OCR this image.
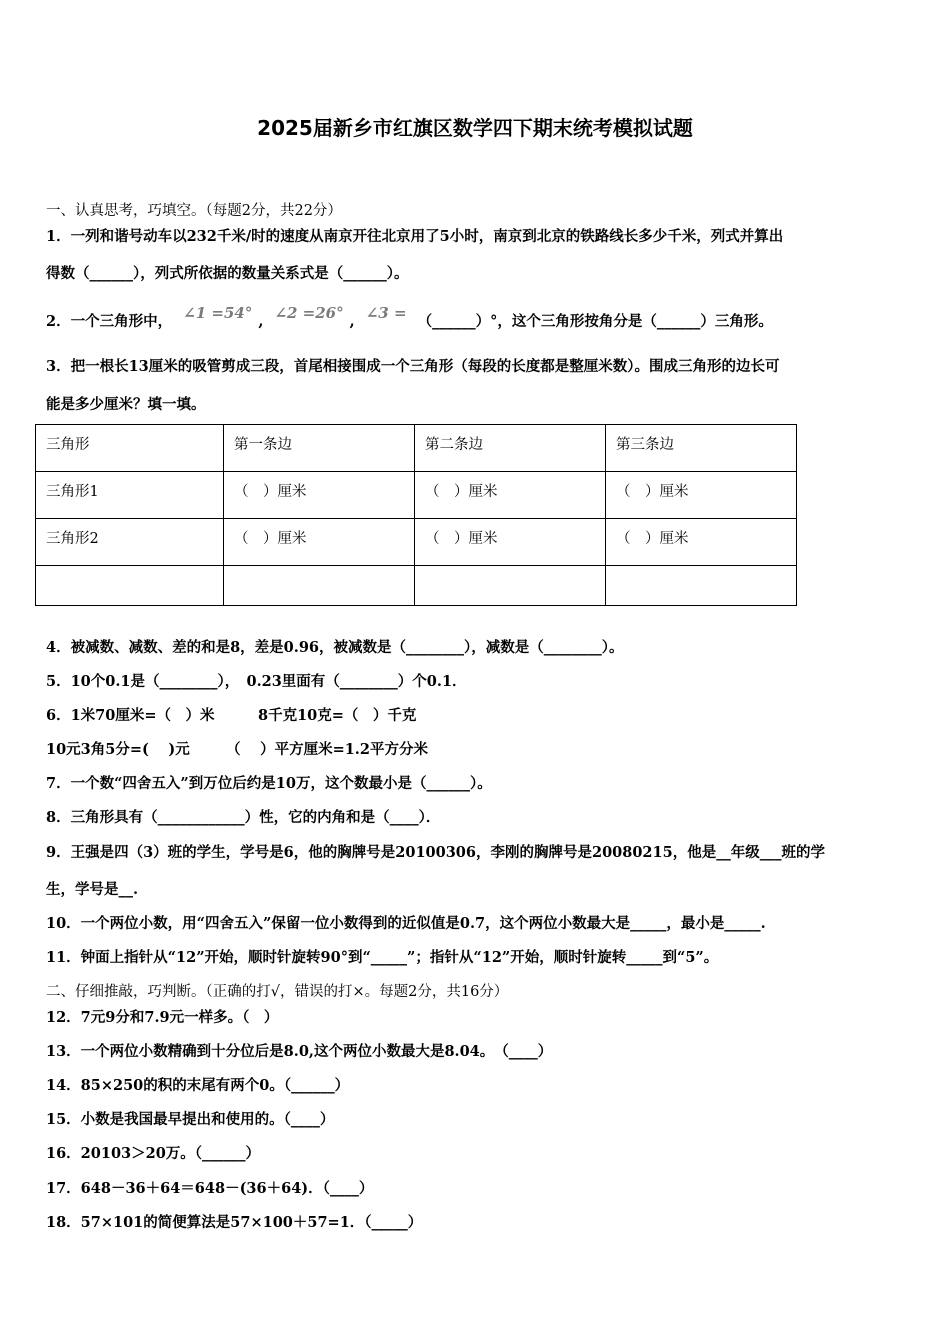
2025届新乡市红旗区数学四下期末统考模拟试题
一、认真思考，巧填空。（每题2分，共22分）
1．一列和谐号动车以232千米/时的速度从南京开往北京用了5小时，南京到北京的铁路线长多少千米，列式并算出
得数（______），列式所依据的数量关系式是（______）。
2．一个三角形中， ∠1 =54° , ∠2 =26° , ∠3 = （______）°，这个三角形按角分是（______）三角形。
3．把一根长13厘米的吸管剪成三段，首尾相接围成一个三角形（每段的长度都是整厘米数）。围成三角形的边长可
能是多少厘米？填一填。
三角形	第一条边	第二条边	第三条边
三角形1	（　）厘米	（　）厘米	（　）厘米
三角形2	（　）厘米	（　）厘米	（　）厘米

4．被减数、减数、差的和是8，差是0.96，被减数是（________），减数是（________）。
5．10个0.1是（________），　0.23里面有（________）个0.1．
6．1米70厘米=（　）米　　　8千克10克=（　）千克
10元3角5分=(　 )元　　　（　 ）平方厘米=1.2平方分米
7．一个数“四舍五入”到万位后约是10万，这个数最小是（______）。
8．三角形具有（____________）性，它的内角和是（____）．
9．王强是四（3）班的学生，学号是6，他的胸牌号是20100306，李刚的胸牌号是20080215，他是__年级___班的学
生，学号是__.
10．一个两位小数，用“四舍五入”保留一位小数得到的近似值是0.7，这个两位小数最大是_____，最小是_____.
11．钟面上指针从“12”开始，顺时针旋转90°到“_____”；指针从“12”开始，顺时针旋转_____到“5”。
二、仔细推敲，巧判断。（正确的打√，错误的打×。每题2分，共16分）
12．7元9分和7.9元一样多。（　）
13．一个两位小数精确到十分位后是8.0,这个两位小数最大是8.04。　（____）
14．85×250的积的末尾有两个0。（______）
15．小数是我国最早提出和使用的。（____）
16．20103＞20万。（______）
17．648－36＋64＝648－(36＋64)．（____）
18．57×101的简便算法是57×100＋57=1．（_____）
